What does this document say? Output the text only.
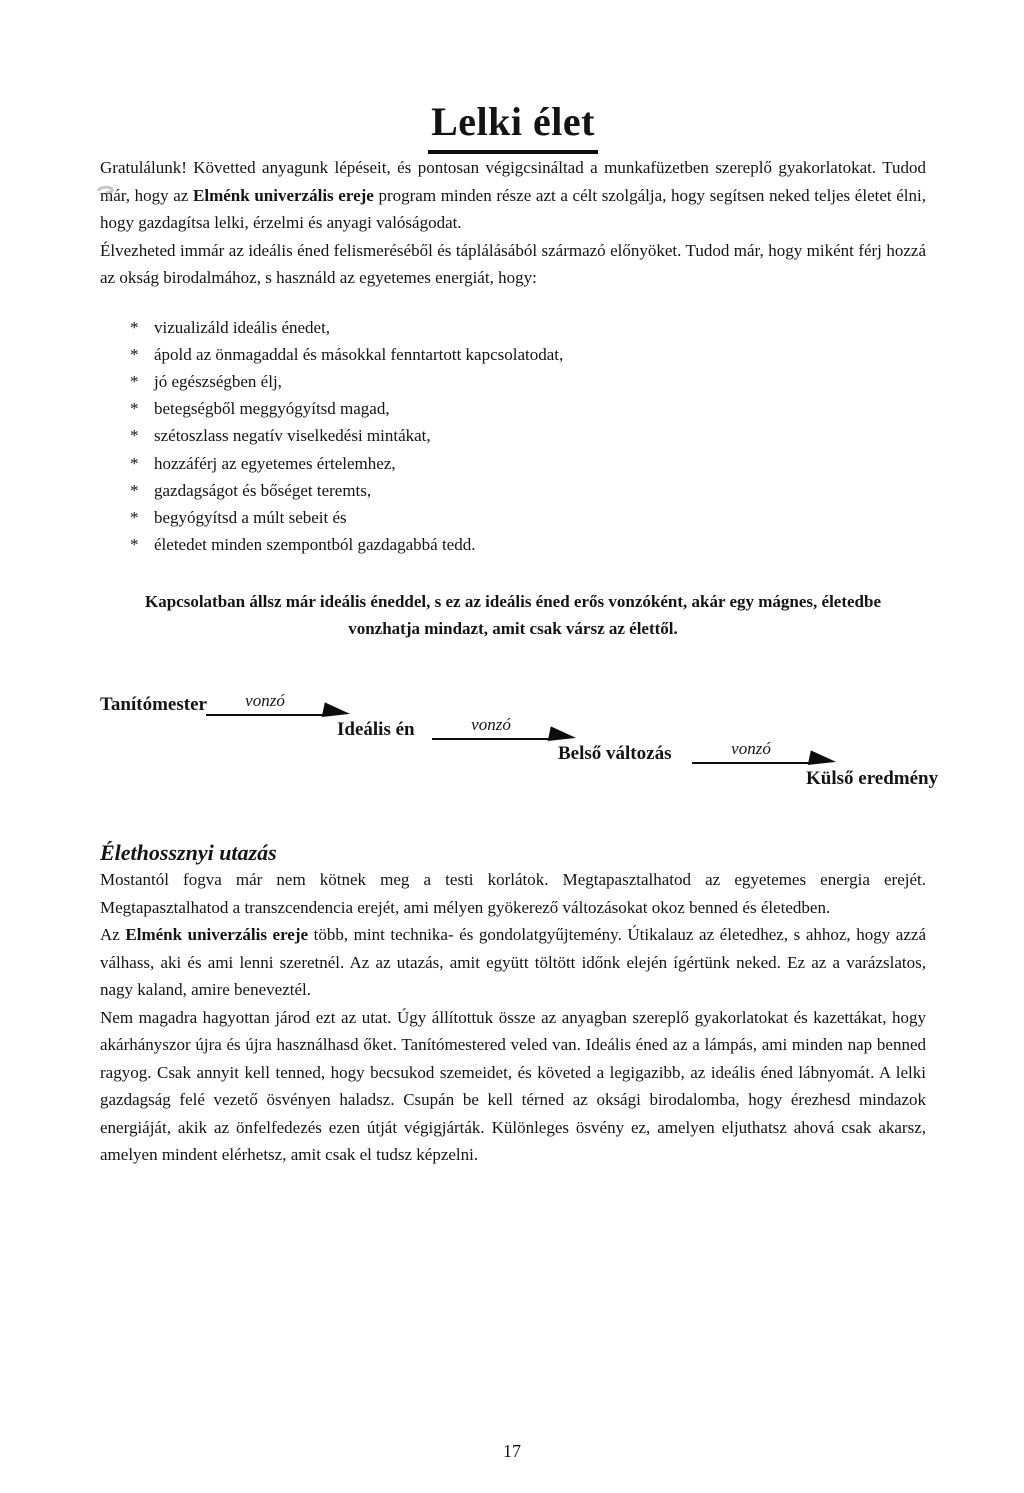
Lelki élet

Gratulálunk! Követted anyagunk lépéseit, és pontosan végigcsináltad a munkafüzetben szereplő gyakorlatokat. Tudod már, hogy az Elménk univerzális ereje program minden része azt a célt szolgálja, hogy segítsen neked teljes életet élni, hogy gazdagítsa lelki, érzelmi és anyagi valóságodat.

Élvezheted immár az ideális éned felismeréséből és táplálásából származó előnyöket. Tudod már, hogy miként férj hozzá az okság birodalmához, s használd az egyetemes energiát, hogy:

* vizualizáld ideális énedet,
* ápold az önmagaddal és másokkal fenntartott kapcsolatodat,
* jó egészségben élj,
* betegségből meggyógyítsd magad,
* szétoszlass negatív viselkedési mintákat,
* hozzáférj az egyetemes értelemhez,
* gazdagságot és bőséget teremts,
* begyógyítsd a múlt sebeit és
* életedet minden szempontból gazdagabbá tedd.

Kapcsolatban állsz már ideális éneddel, s ez az ideális éned erős vonzóként, akár egy mágnes, életedbe vonzhatja mindazt, amit csak vársz az élettől.

Tanítómester	vonzó
Ideális én	vonzó
Belső változás	vonzó
Külső eredmény
Élethossznyi utazás

Mostantól fogva már nem kötnek meg a testi korlátok. Megtapasztalhatod az egyetemes energia erejét. Megtapasztalhatod a transzcendencia erejét, ami mélyen gyökerező változásokat okoz benned és életedben.

Az Elménk univerzális ereje több, mint technika- és gondolatgyűjtemény. Útikalauz az életedhez, s ahhoz, hogy azzá válhass, aki és ami lenni szeretnél. Az az utazás, amit együtt töltött időnk elején ígértünk neked. Ez az a varázslatos, nagy kaland, amire beneveztél.

Nem magadra hagyottan járod ezt az utat. Úgy állítottuk össze az anyagban szereplő gyakorlatokat és kazettákat, hogy akárhányszor újra és újra használhasd őket. Tanítómestered veled van. Ideális éned az a lámpás, ami minden nap benned ragyog. Csak annyit kell tenned, hogy becsukod szemeidet, és követed a legigazibb, az ideális éned lábnyomát. A lelki gazdagság felé vezető ösvényen haladsz. Csupán be kell térned az oksági birodalomba, hogy érezhesd mindazok energiáját, akik az önfelfedezés ezen útját végigjárták. Különleges ösvény ez, amelyen eljuthatsz ahová csak akarsz, amelyen mindent elérhetsz, amit csak el tudsz képzelni.

17
